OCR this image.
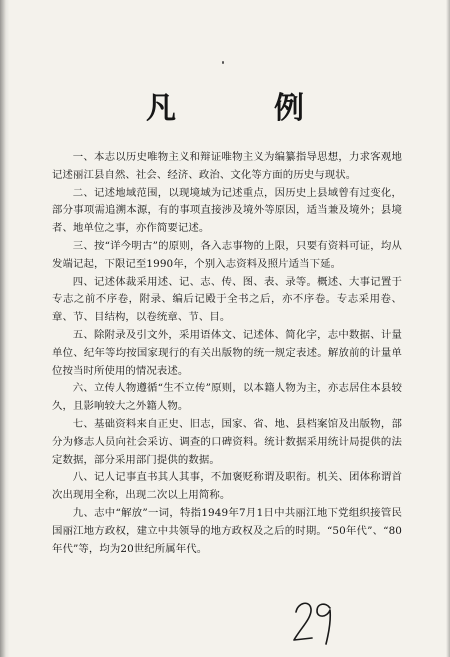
凡　例

一、本志以历史唯物主义和辩证唯物主义为编纂指导思想，力求客观地记述丽江县自然、社会、经济、政治、文化等方面的历史与现状。

二、记述地域范围，以现境域为记述重点，因历史上县域曾有过变化，部分事项需追溯本源，有的事项直接涉及境外等原因，适当兼及境外；县境者、地单位之事，亦作简要记述。

三、按“详今明古”的原则，各入志事物的上限，只要有资料可证，均从发端记起，下限记至1990年，个别入志资料及照片适当下延。

四、记述体裁采用述、记、志、传、图、表、录等。概述、大事记置于专志之前不序卷，附录、编后记殿于全书之后，亦不序卷。专志采用卷、章、节、目结构，以卷统章、节、目。

五、除附录及引文外，采用语体文、记述体、简化字，志中数据、计量单位、纪年等均按国家现行的有关出版物的统一规定表述。解放前的计量单位按当时所使用的情况表述。

六、立传人物遵循“生不立传”原则，以本籍人物为主，亦志居住本县较久，且影响较大之外籍人物。

七、基础资料来自正史、旧志，国家、省、地、县档案馆及出版物，部分为修志人员向社会采访、调查的口碑资料。统计数据采用统计局提供的法定数据，部分采用部门提供的数据。

八、记人记事直书其人其事，不加褒贬称谓及职衔。机关、团体称谓首次出现用全称，出现二次以上用简称。

九、志中“解放”一词，特指1949年7月1日中共丽江地下党组织接管民国丽江地方政权，建立中共领导的地方政权及之后的时期。“50年代”、“80年代”等，均为20世纪所属年代。
